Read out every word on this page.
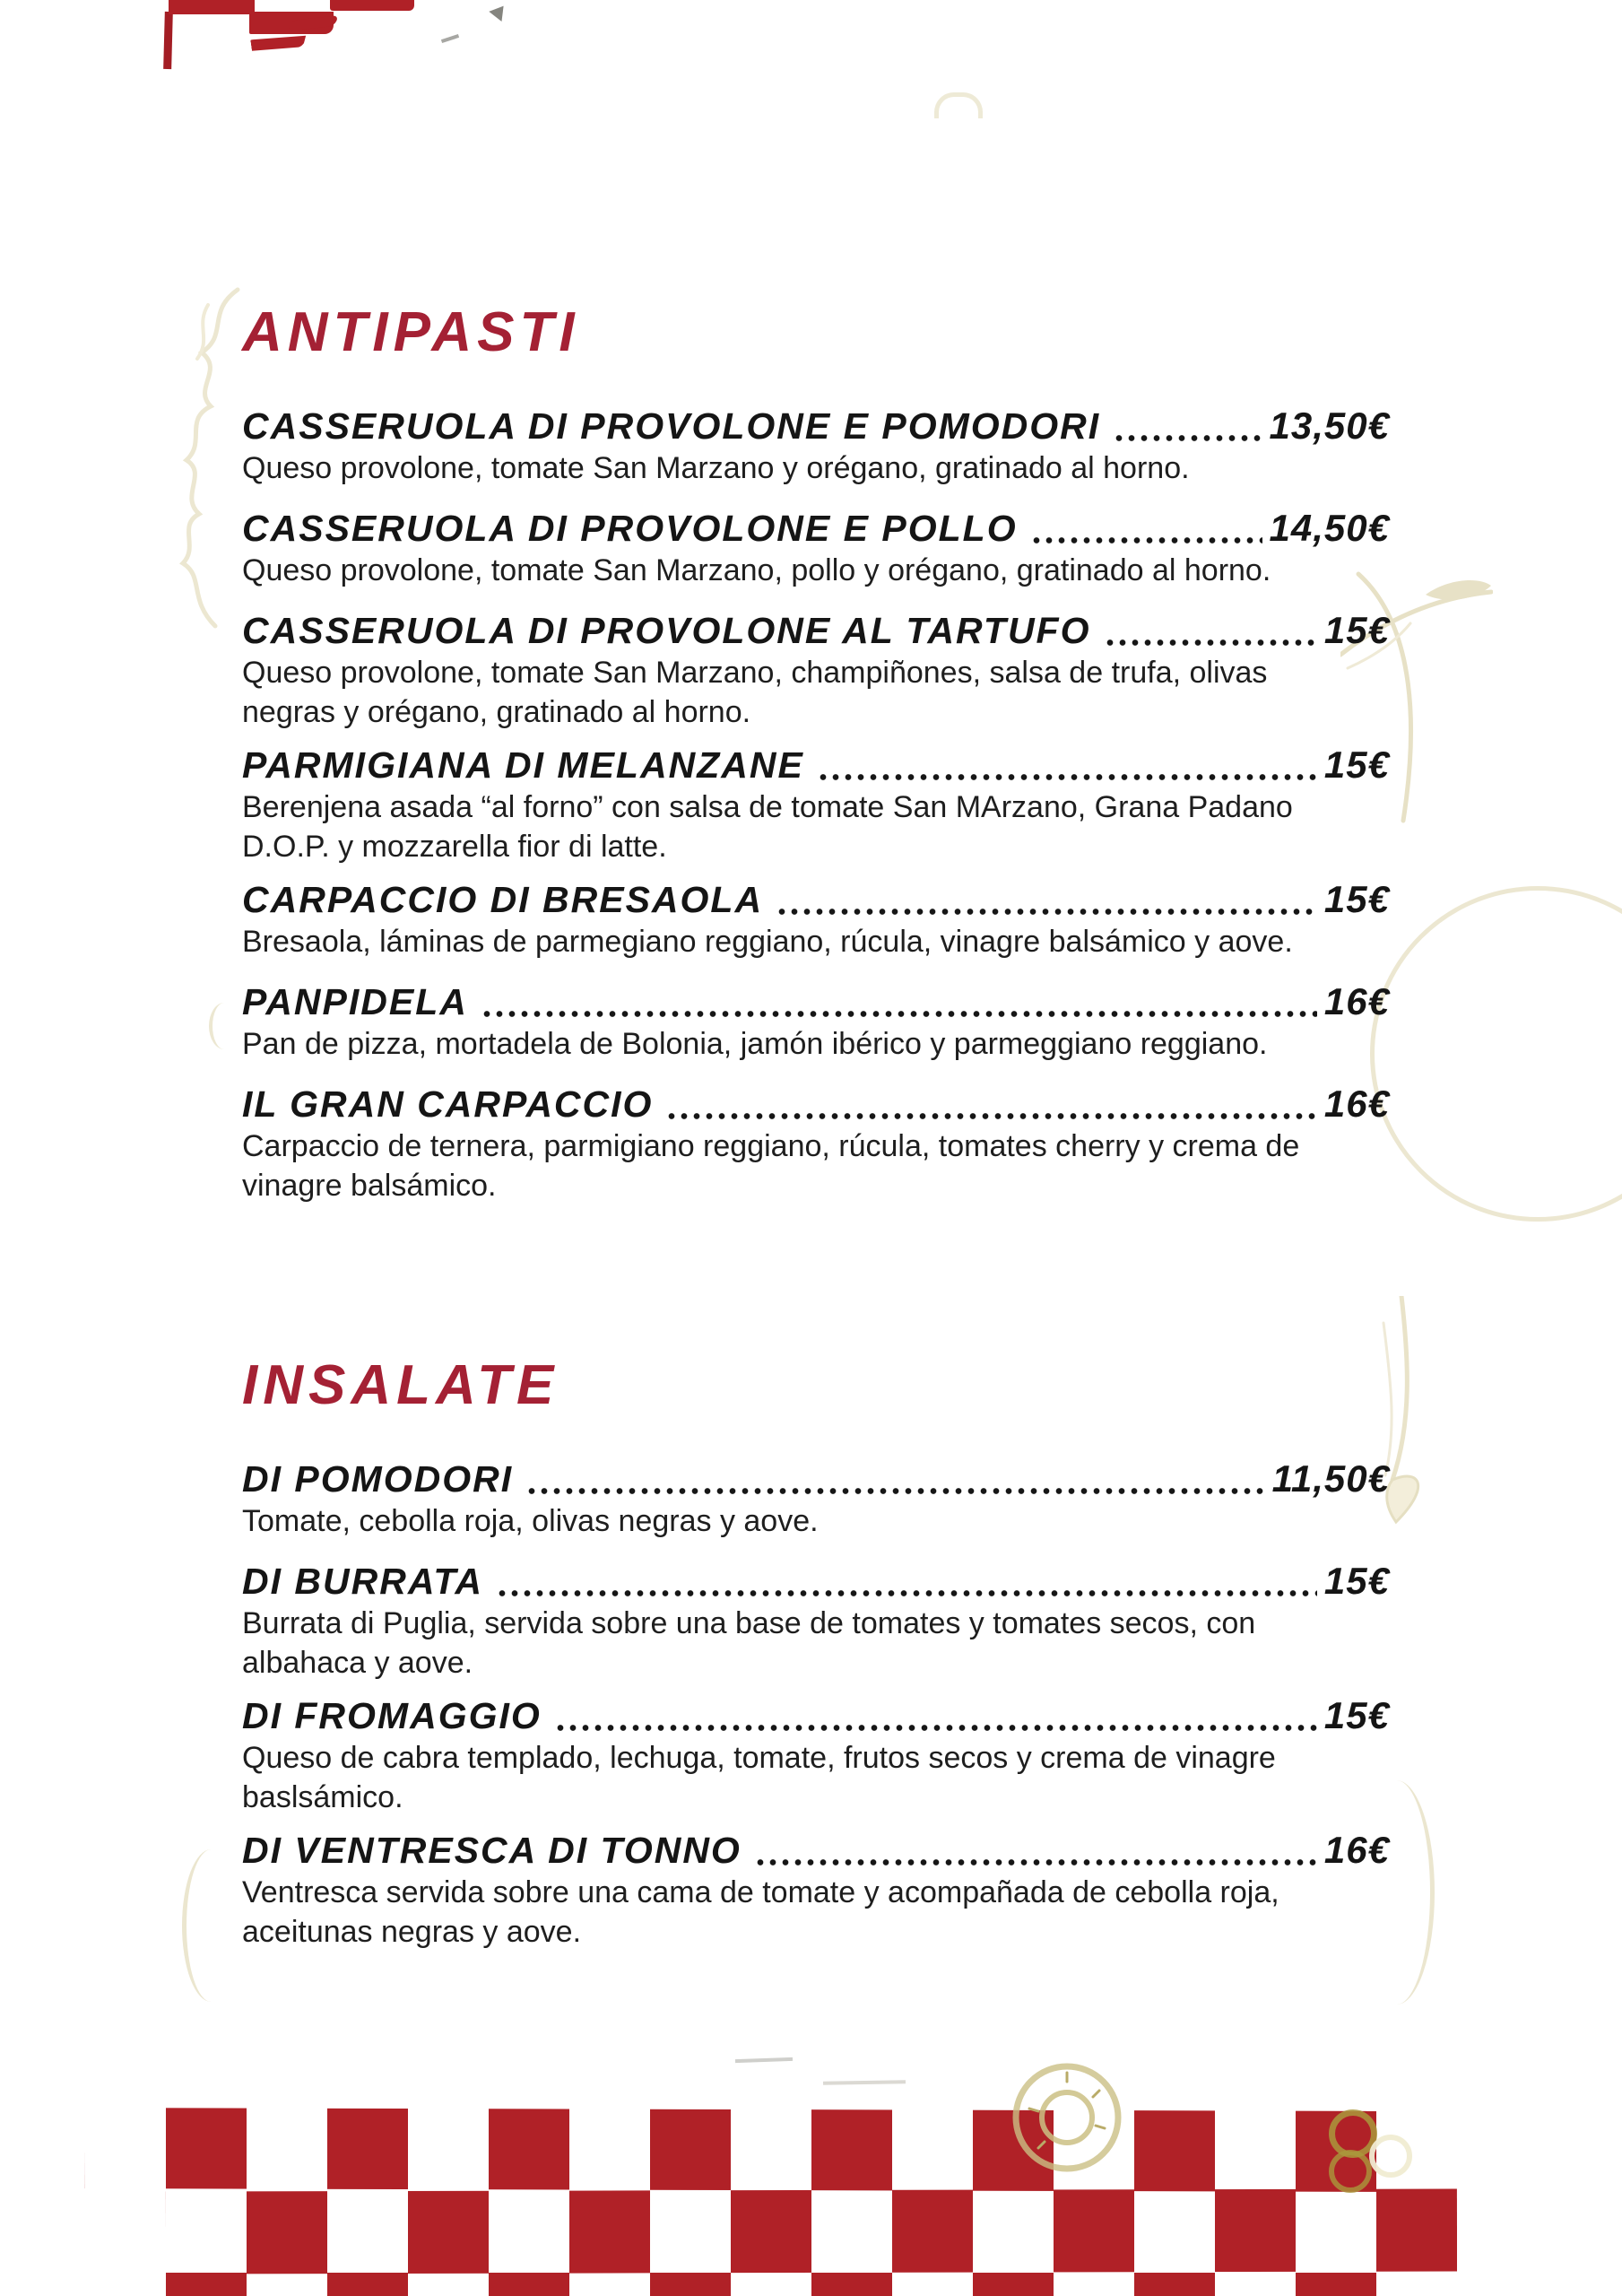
ANTIPASTI
CASSERUOLA DI PROVOLONE E POMODORI	13,50€
Queso provolone, tomate San Marzano y orégano, gratinado al horno.
CASSERUOLA DI PROVOLONE E POLLO	14,50€
Queso provolone, tomate San Marzano, pollo y orégano, gratinado al horno.
CASSERUOLA DI PROVOLONE AL TARTUFO	15€
Queso provolone, tomate San Marzano, champiñones, salsa de trufa, olivas
negras y orégano, gratinado al horno.
PARMIGIANA DI MELANZANE	15€
Berenjena asada “al forno” con salsa de tomate San MArzano, Grana Padano
D.O.P. y mozzarella fior di latte.
CARPACCIO DI BRESAOLA	15€
Bresaola, láminas de parmegiano reggiano, rúcula, vinagre balsámico y aove.
PANPIDELA	16€
Pan de pizza, mortadela de Bolonia, jamón ibérico y parmeggiano reggiano.
IL GRAN CARPACCIO	16€
Carpaccio de ternera, parmigiano reggiano, rúcula, tomates cherry y crema de
vinagre balsámico.
INSALATE
DI POMODORI	11,50€
Tomate, cebolla roja, olivas negras y aove.
DI BURRATA	15€
Burrata di Puglia, servida sobre una base de tomates y tomates secos, con
albahaca y aove.
DI FROMAGGIO	15€
Queso de cabra templado, lechuga, tomate, frutos secos y crema de vinagre
baslsámico.
DI VENTRESCA DI TONNO	16€
Ventresca servida sobre una cama de tomate y acompañada de cebolla roja,
aceitunas negras y aove.
